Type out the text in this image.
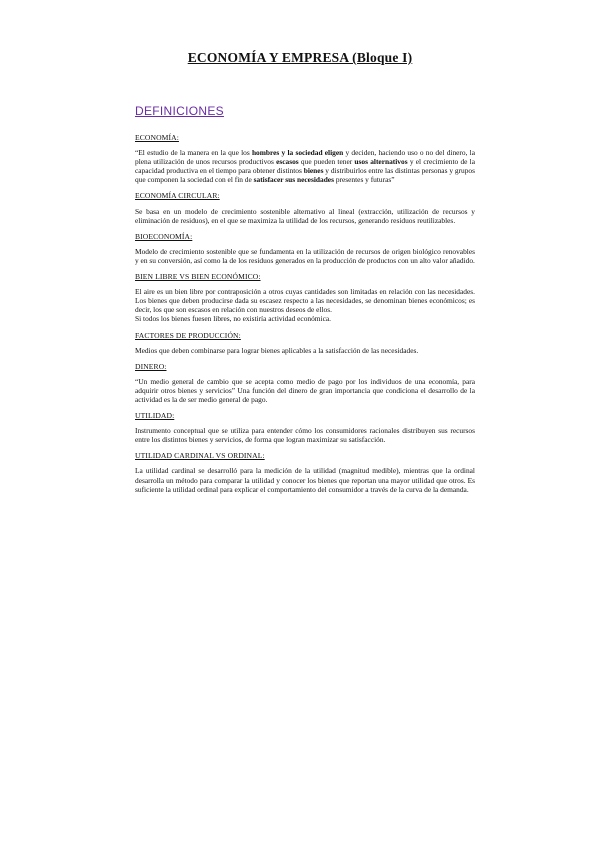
ECONOMÍA Y EMPRESA (Bloque I)
DEFINICIONES
ECONOMÍA:

“El estudio de la manera en la que los hombres y la sociedad eligen y deciden, haciendo uso o no del dinero, la plena utilización de unos recursos productivos escasos que pueden tener usos alternativos y el crecimiento de la capacidad productiva en el tiempo para obtener distintos bienes y distribuirlos entre las distintas personas y grupos que componen la sociedad con el fin de satisfacer sus necesidades presentes y futuras”

ECONOMÍA CIRCULAR:

Se basa en un modelo de crecimiento sostenible alternativo al lineal (extracción, utilización de recursos y eliminación de residuos), en el que se maximiza la utilidad de los recursos, generando residuos reutilizables.

BIOECONOMÍA:

Modelo de crecimiento sostenible que se fundamenta en la utilización de recursos de origen biológico renovables y en su conversión, así como la de los residuos generados en la producción de productos con un alto valor añadido.

BIEN LIBRE VS BIEN ECONÓMICO:

El aire es un bien libre por contraposición a otros cuyas cantidades son limitadas en relación con las necesidades. Los bienes que deben producirse dada su escasez respecto a las necesidades, se denominan bienes económicos; es decir, los que son escasos en relación con nuestros deseos de ellos.

Si todos los bienes fuesen libres, no existiría actividad económica.

FACTORES DE PRODUCCIÓN:

Medios que deben combinarse para lograr bienes aplicables a la satisfacción de las necesidades.

DINERO:

“Un medio general de cambio que se acepta como medio de pago por los individuos de una economía, para adquirir otros bienes y servicios” Una función del dinero de gran importancia que condiciona el desarrollo de la actividad es la de ser medio general de pago.

UTILIDAD:

Instrumento conceptual que se utiliza para entender cómo los consumidores racionales distribuyen sus recursos entre los distintos bienes y servicios, de forma que logran maximizar su satisfacción.

UTILIDAD CARDINAL VS ORDINAL:

La utilidad cardinal se desarrolló para la medición de la utilidad (magnitud medible), mientras que la ordinal desarrolla un método para comparar la utilidad y conocer los bienes que reportan una mayor utilidad que otros. Es suficiente la utilidad ordinal para explicar el comportamiento del consumidor a través de la curva de la demanda.
